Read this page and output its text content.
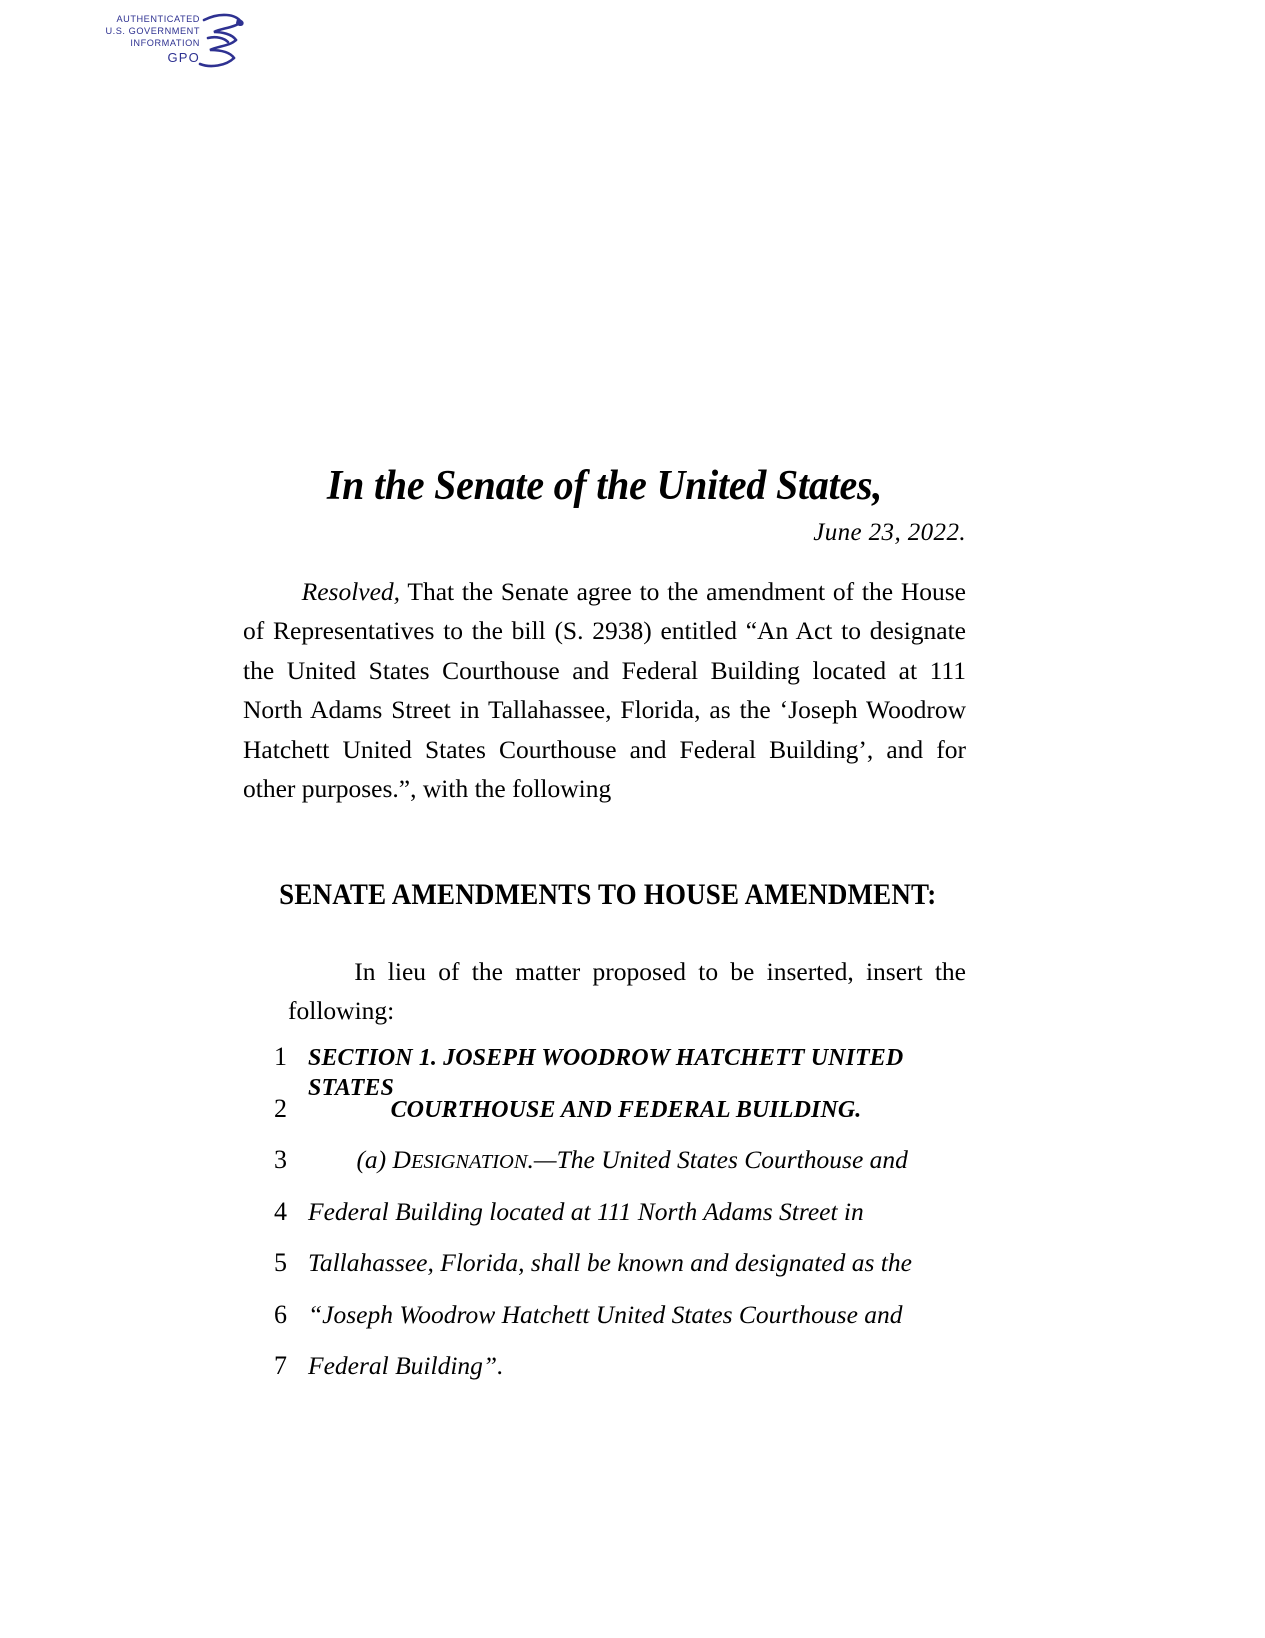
AUTHENTICATED
U.S. GOVERNMENT
INFORMATION
GPO
In the Senate of the United States,
June 23, 2022.

Resolved, That the Senate agree to the amendment of the House of Representatives to the bill (S. 2938) entitled “An Act to designate the United States Courthouse and Federal Building located at 111 North Adams Street in Tallahassee, Florida, as the ‘Joseph Woodrow Hatchett United States Courthouse and Federal Building’, and for other purposes.”, with the following

SENATE AMENDMENTS TO HOUSE AMENDMENT:

In lieu of the matter proposed to be inserted, insert the following:

1 SECTION 1. JOSEPH WOODROW HATCHETT UNITED STATES
2	COURTHOUSE AND FEDERAL BUILDING.
3	(a) DESIGNATION.—The United States Courthouse and
4 Federal Building located at 111 North Adams Street in
5 Tallahassee, Florida, shall be known and designated as the
6 “Joseph Woodrow Hatchett United States Courthouse and
7 Federal Building”.
